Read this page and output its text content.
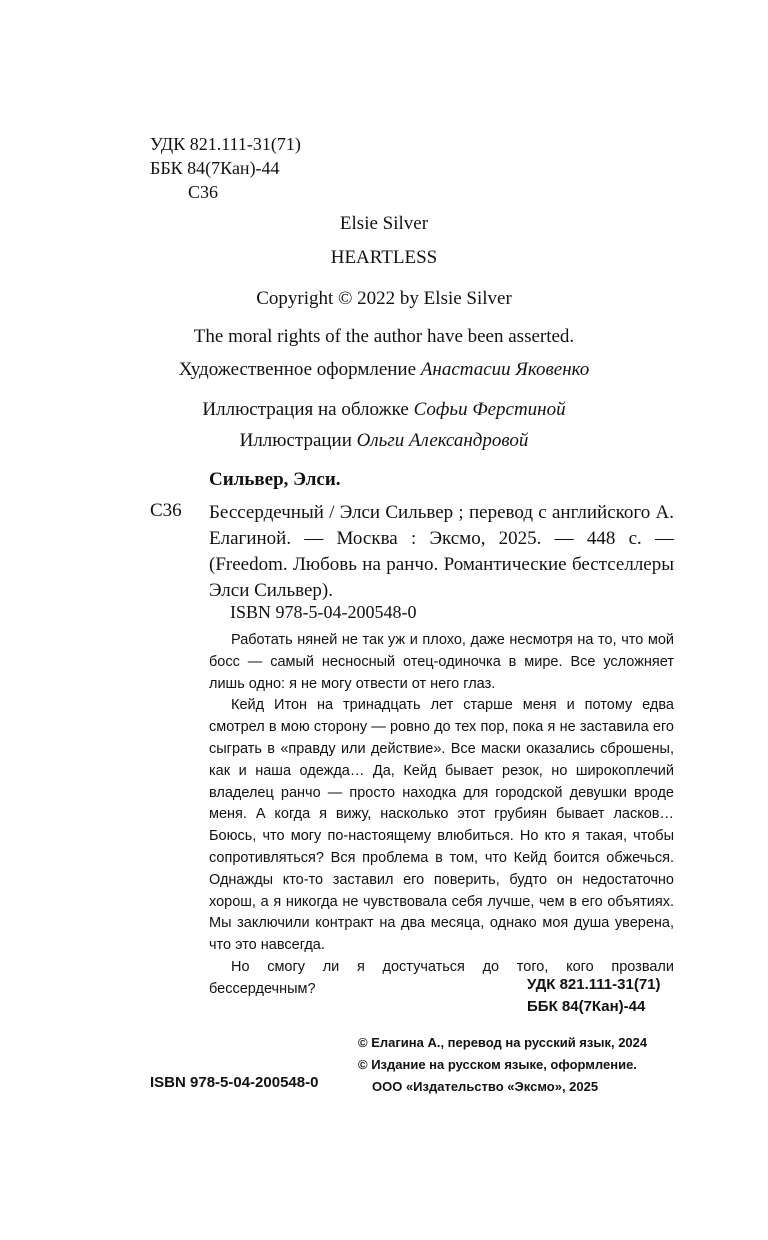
УДК 821.111-31(71)
ББК 84(7Кан)-44
С36
Elsie Silver
HEARTLESS
Copyright © 2022 by Elsie Silver
The moral rights of the author have been asserted.
Художественное оформление Анастасии Яковенко
Иллюстрация на обложке Софьи Ферстиной
Иллюстрации Ольги Александровой
Сильвер, Элси.
С36 Бессердечный / Элси Сильвер ; перевод с английского А. Елагиной. — Москва : Эксмо, 2025. — 448 с. — (Freedom. Любовь на ранчо. Романтические бестселлеры Элси Сильвер).
ISBN 978-5-04-200548-0

Работать няней не так уж и плохо, даже несмотря на то, что мой босс — самый несносный отец-одиночка в мире. Все усложняет лишь одно: я не могу отвести от него глаз.

Кейд Итон на тринадцать лет старше меня и потому едва смотрел в мою сторону — ровно до тех пор, пока я не заставила его сыграть в «правду или действие». Все маски оказались сброшены, как и наша одежда… Да, Кейд бывает резок, но широкоплечий владелец ранчо — просто находка для городской девушки вроде меня. А когда я вижу, насколько этот грубиян бывает ласков… Боюсь, что могу по-настоящему влюбиться. Но кто я такая, чтобы сопротивляться? Вся проблема в том, что Кейд боится обжечься. Однажды кто-то заставил его поверить, будто он недостаточно хорош, а я никогда не чувствовала себя лучше, чем в его объятиях. Мы заключили контракт на два месяца, однако моя душа уверена, что это навсегда.

Но смогу ли я достучаться до того, кого прозвали бессердечным?	УДК 821.111-31(71)
ББК 84(7Кан)-44
© Елагина А., перевод на русский язык, 2024
© Издание на русском языке, оформление.
ООО «Издательство «Эксмо», 2025
ISBN 978-5-04-200548-0
